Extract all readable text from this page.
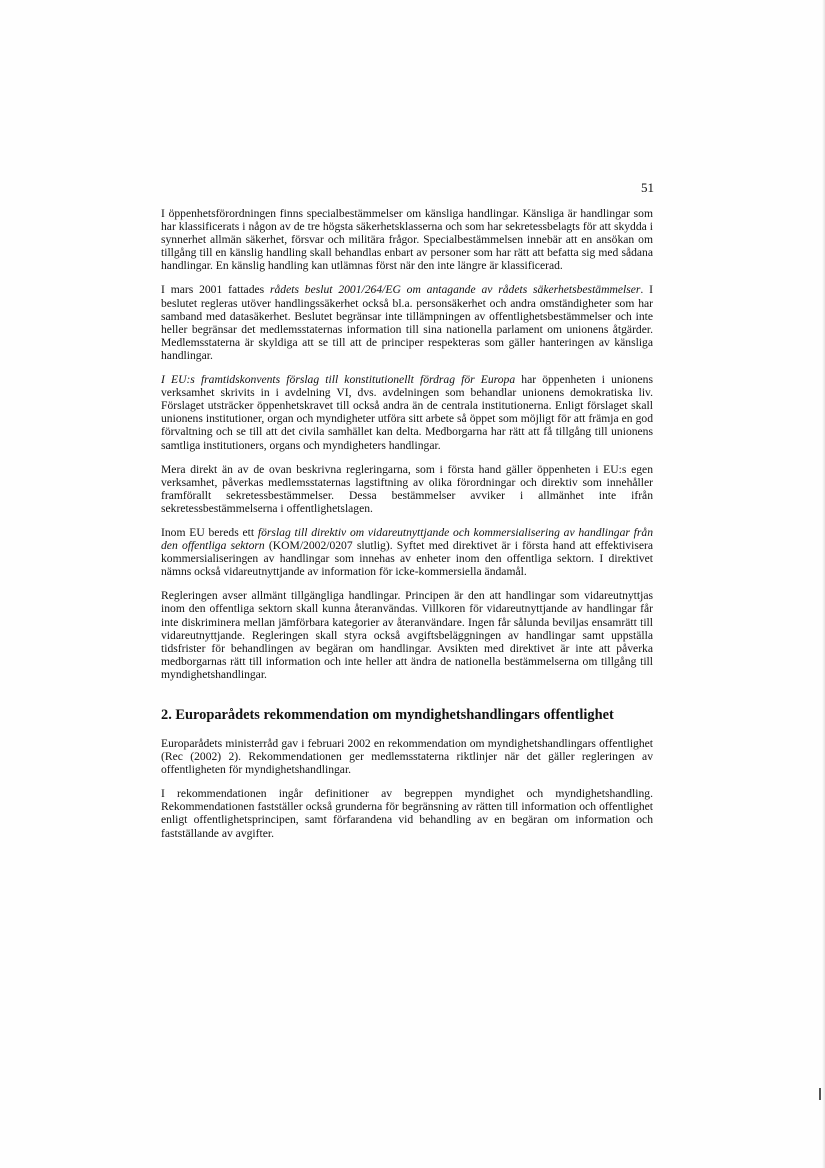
51

I öppenhetsförordningen finns specialbestämmelser om känsliga handlingar. Känsliga är handlingar som har klassificerats i någon av de tre högsta säkerhetsklasserna och som har sekretessbelagts för att skydda i synnerhet allmän säkerhet, försvar och militära frågor. Specialbestämmelsen innebär att en ansökan om tillgång till en känslig handling skall behandlas enbart av personer som har rätt att befatta sig med sådana handlingar. En känslig handling kan utlämnas först när den inte längre är klassificerad.

I mars 2001 fattades rådets beslut 2001/264/EG om antagande av rådets säkerhetsbestämmelser. I beslutet regleras utöver handlingssäkerhet också bl.a. personsäkerhet och andra omständigheter som har samband med datasäkerhet. Beslutet begränsar inte tillämpningen av offentlighetsbestämmelser och inte heller begränsar det medlemsstaternas information till sina nationella parlament om unionens åtgärder. Medlemsstaterna är skyldiga att se till att de principer respekteras som gäller hanteringen av känsliga handlingar.

I EU:s framtidskonvents förslag till konstitutionellt fördrag för Europa har öppenheten i unionens verksamhet skrivits in i avdelning VI, dvs. avdelningen som behandlar unionens demokratiska liv. Förslaget utsträcker öppenhetskravet till också andra än de centrala institutionerna. Enligt förslaget skall unionens institutioner, organ och myndigheter utföra sitt arbete så öppet som möjligt för att främja en god förvaltning och se till att det civila samhället kan delta. Medborgarna har rätt att få tillgång till unionens samtliga institutioners, organs och myndigheters handlingar.

Mera direkt än av de ovan beskrivna regleringarna, som i första hand gäller öppenheten i EU:s egen verksamhet, påverkas medlemsstaternas lagstiftning av olika förordningar och direktiv som innehåller framförallt sekretessbestämmelser. Dessa bestämmelser avviker i allmänhet inte ifrån sekretessbestämmelserna i offentlighetslagen.

Inom EU bereds ett förslag till direktiv om vidareutnyttjande och kommersialisering av handlingar från den offentliga sektorn (KOM/2002/0207 slutlig). Syftet med direktivet är i första hand att effektivisera kommersialiseringen av handlingar som innehas av enheter inom den offentliga sektorn. I direktivet nämns också vidareutnyttjande av information för icke-kommersiella ändamål.

Regleringen avser allmänt tillgängliga handlingar. Principen är den att handlingar som vidareutnyttjas inom den offentliga sektorn skall kunna återanvändas. Villkoren för vidareutnyttjande av handlingar får inte diskriminera mellan jämförbara kategorier av återanvändare. Ingen får sålunda beviljas ensamrätt till vidareutnyttjande. Regleringen skall styra också avgiftsbeläggningen av handlingar samt uppställa tidsfrister för behandlingen av begäran om handlingar. Avsikten med direktivet är inte att påverka medborgarnas rätt till information och inte heller att ändra de nationella bestämmelserna om tillgång till myndighetshandlingar.

2. Europarådets rekommendation om myndighetshandlingars offentlighet

Europarådets ministerråd gav i februari 2002 en rekommendation om myndighetshandlingars offentlighet (Rec (2002) 2). Rekommendationen ger medlemsstaterna riktlinjer när det gäller regleringen av offentligheten för myndighetshandlingar.

I rekommendationen ingår definitioner av begreppen myndighet och myndighetshandling. Rekommendationen fastställer också grunderna för begränsning av rätten till information och offentlighet enligt offentlighetsprincipen, samt förfarandena vid behandling av en begäran om information och fastställande av avgifter.
